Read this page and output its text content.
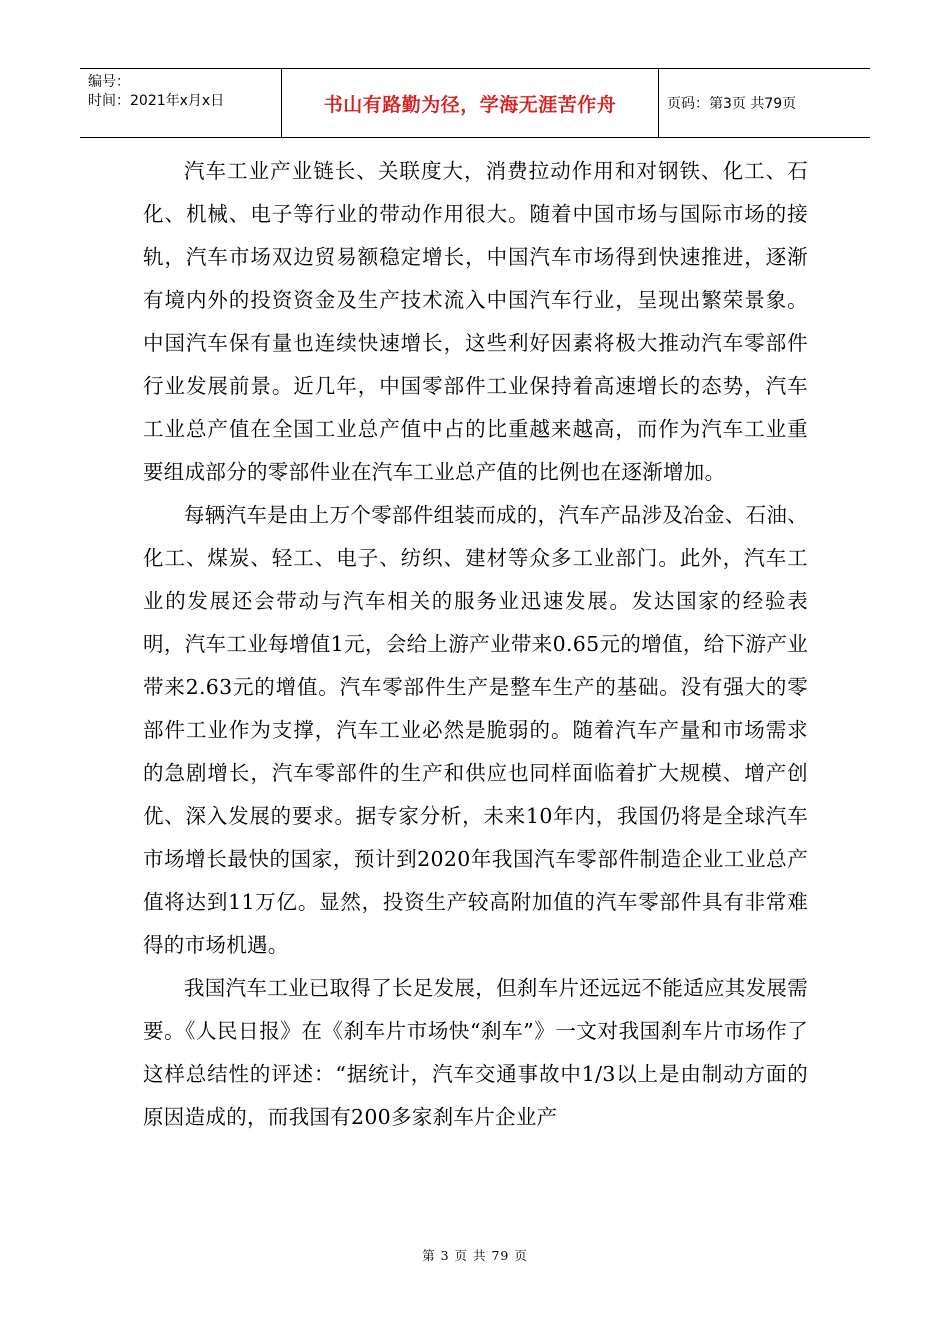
编号：
时间：2021年x月x日	书山有路勤为径，学海无涯苦作舟	页码：第3页 共79页

汽车工业产业链长、关联度大，消费拉动作用和对钢铁、化工、石化、机械、电子等行业的带动作用很大。随着中国市场与国际市场的接轨，汽车市场双边贸易额稳定增长，中国汽车市场得到快速推进，逐渐有境内外的投资资金及生产技术流入中国汽车行业，呈现出繁荣景象。中国汽车保有量也连续快速增长，这些利好因素将极大推动汽车零部件行业发展前景。近几年，中国零部件工业保持着高速增长的态势，汽车工业总产值在全国工业总产值中占的比重越来越高，而作为汽车工业重要组成部分的零部件业在汽车工业总产值的比例也在逐渐增加。

每辆汽车是由上万个零部件组装而成的，汽车产品涉及冶金、石油、化工、煤炭、轻工、电子、纺织、建材等众多工业部门。此外，汽车工业的发展还会带动与汽车相关的服务业迅速发展。发达国家的经验表明，汽车工业每增值1元，会给上游产业带来0.65元的增值，给下游产业带来2.63元的增值。汽车零部件生产是整车生产的基础。没有强大的零部件工业作为支撑，汽车工业必然是脆弱的。随着汽车产量和市场需求的急剧增长，汽车零部件的生产和供应也同样面临着扩大规模、增产创优、深入发展的要求。据专家分析，未来10年内，我国仍将是全球汽车市场增长最快的国家，预计到2020年我国汽车零部件制造企业工业总产值将达到11万亿。显然，投资生产较高附加值的汽车零部件具有非常难得的市场机遇。

我国汽车工业已取得了长足发展，但刹车片还远远不能适应其发展需要。《人民日报》在《刹车片市场快“刹车”》一文对我国刹车片市场作了这样总结性的评述：“据统计，汽车交通事故中1/3以上是由制动方面的原因造成的，而我国有200多家刹车片企业产

第 3 页 共 79 页
